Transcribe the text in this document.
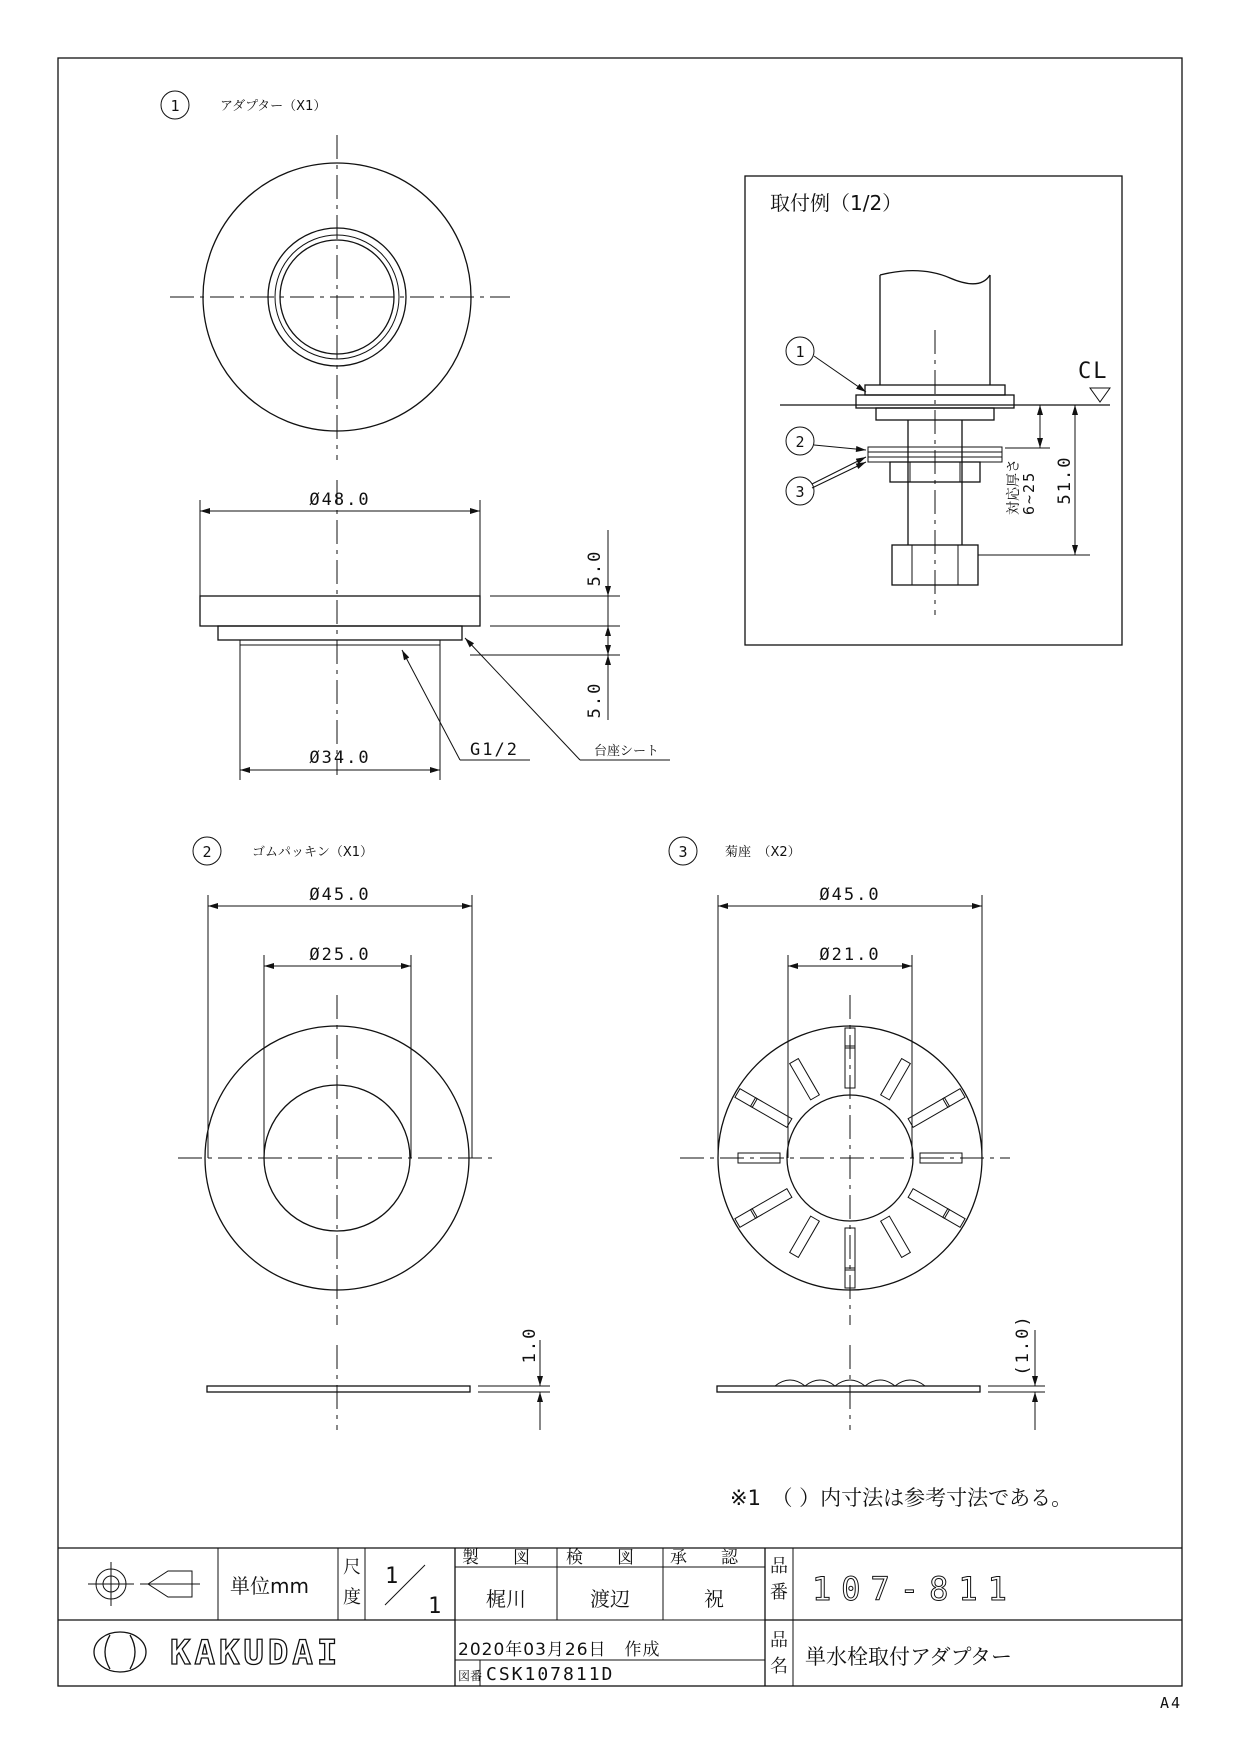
1	アダプター（X1）
Ø48.0
Ø34.0
5.0
5.0
G1/2	台座シート
取付例（1/2）
CL
1
2
3	対応厚さ
6~25 51.0
2	ゴムパッキン（X1）
Ø45.0
Ø25.0
1.0
3	菊座　（X2）
Ø45.0
Ø21.0
(1.0)
※1　（ ）内寸法は参考寸法である。
単位mm
尺
度
1
1
製　　図 検　　図 承　　認
梶川	渡辺	祝
KAKUDAI	2020年03月26日　作成
図番 CSK107811D
品
番 107-811
品
名 単水栓取付アダプター
A4
